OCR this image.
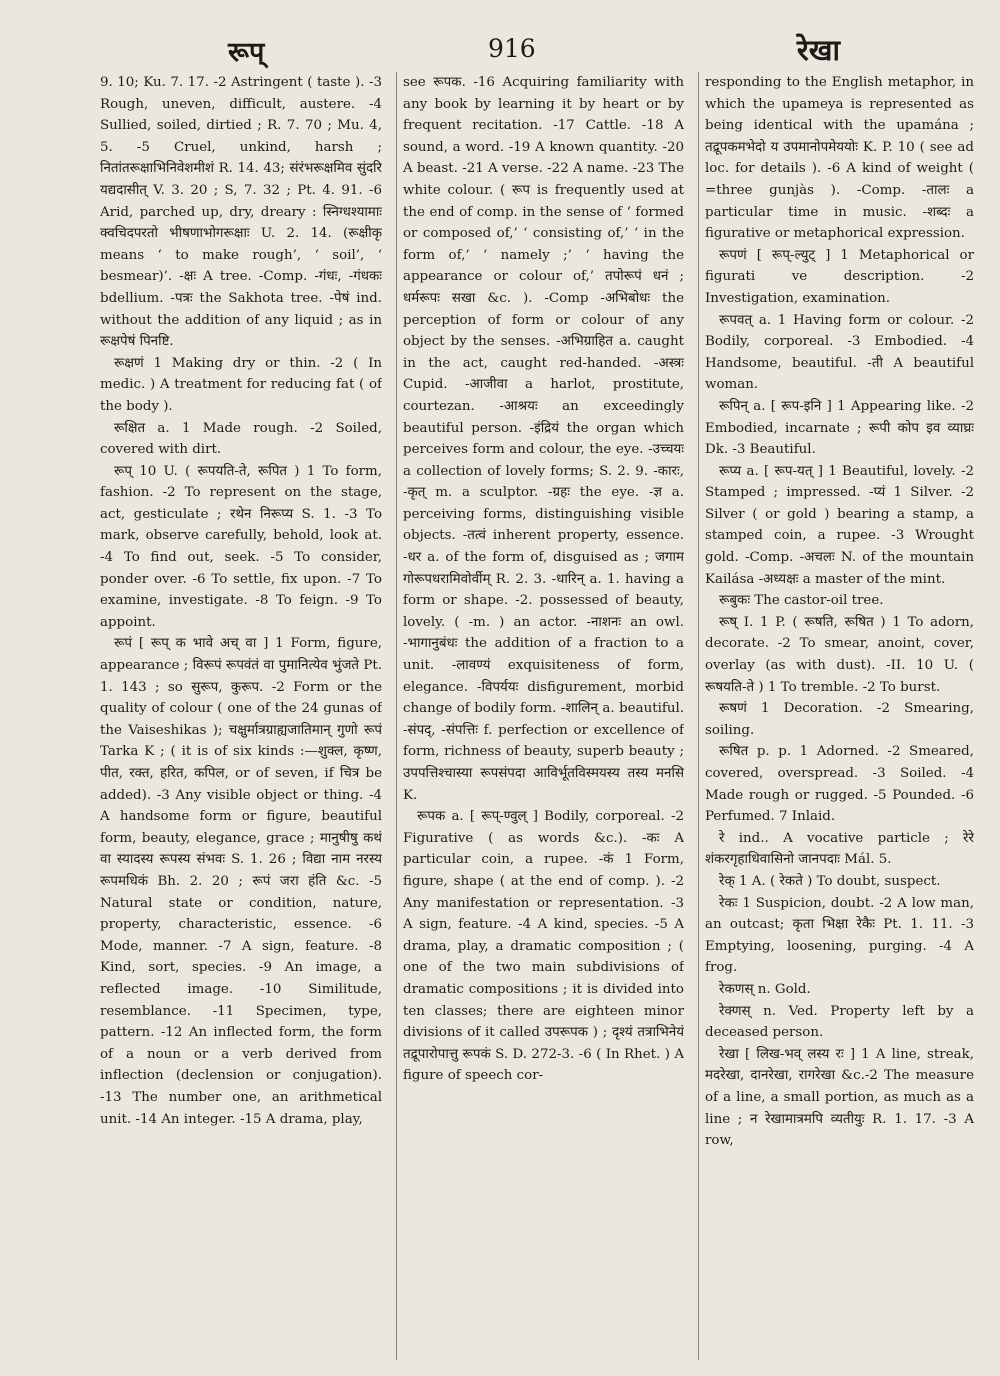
रूप्	916	रेखा

9. 10; Ku. 7. 17. -2 Astringent ( taste ). -3 Rough, uneven, difficult, austere. -4 Sullied, soiled, dirtied ; R. 7. 70 ; Mu. 4, 5. -5 Cruel, unkind, harsh ; नितांतरूक्षाभिनिवेशमीशं R. 14. 43; संरंभरूक्षमिव सुंदरि यद्यदासीत् V. 3. 20 ; S, 7. 32 ; Pt. 4. 91. -6 Arid, parched up, dry, dreary : स्निग्धश्यामाः क्वचिदपरतो भीषणाभोगरूक्षाः U. 2. 14. (रूक्षीकृ means ‘ to make rough’, ‘ soil’, ‘ besmear)’. -क्षः A tree. -Comp. -गंधः, -गंधकः bdellium. -पत्रः the Sakhota tree. -पेषं ind. without the addition of any liquid ; as in रूक्षपेषं पिनष्टि.

रूक्षणं 1 Making dry or thin. -2 ( In medic. ) A treatment for reducing fat ( of the body ).

रूक्षित a. 1 Made rough. -2 Soiled, covered with dirt.

रूप् 10 U. ( रूपयति-ते, रूपित ) 1 To form, fashion. -2 To represent on the stage, act, gesticulate ; रथेन निरूप्य S. 1. -3 To mark, observe carefully, behold, look at. -4 To find out, seek. -5 To consider, ponder over. -6 To settle, fix upon. -7 To examine, investigate. -8 To feign. -9 To appoint.

रूपं [ रूप् क भावे अच् वा ] 1 Form, figure, appearance ; विरूपं रूपवंतं वा पुमानित्येव भुंजते Pt. 1. 143 ; so सुरूप, कुरूप. -2 Form or the quality of colour ( one of the 24 gunas of the Vaiseshikas ); चक्षुर्मात्रग्राह्यजातिमान् गुणो रूपं Tarka K ; ( it is of six kinds :—शुक्ल, कृष्ण, पीत, रक्त, हरित, कपिल, or of seven, if चित्र be added). -3 Any visible object or thing. -4 A handsome form or figure, beautiful form, beauty, elegance, grace ; मानुषीषु कथं वा स्यादस्य रूपस्य संभवः S. 1. 26 ; विद्या नाम नरस्य रूपमधिकं Bh. 2. 20 ; रूपं जरा हंति &c. -5 Natural state or condition, nature, property, characteristic, essence. -6 Mode, manner. -7 A sign, feature. -8 Kind, sort, species. -9 An image, a reflected image. -10 Similitude, resemblance. -11 Specimen, type, pattern. -12 An inflected form, the form of a noun or a verb derived from inflection (declension or conjugation). -13 The number one, an arithmetical unit. -14 An integer. -15 A drama, play,

see रूपक. -16 Acquiring familiarity with any book by learning it by heart or by frequent recitation. -17 Cattle. -18 A sound, a word. -19 A known quantity. -20 A beast. -21 A verse. -22 A name. -23 The white colour. ( रूप is frequently used at the end of comp. in the sense of ‘ formed or composed of,’ ‘ consisting of,’ ‘ in the form of,’ ‘ namely ;’ ‘ having the appearance or colour of,’ तपोरूपं धनं ; धर्मरूपः सखा &c. ). -Comp -अभिबोधः the perception of form or colour of any object by the senses. -अभिग्राहित a. caught in the act, caught red-handed. -अस्त्रः Cupid. -आजीवा a harlot, prostitute, courtezan. -आश्रयः an exceedingly beautiful person. -इंद्रियं the organ which perceives form and colour, the eye. -उच्चयः a collection of lovely forms; S. 2. 9. -कारः, -कृत् m. a sculptor. -ग्रहः the eye. -ज्ञ a. perceiving forms, distinguishing visible objects. -तत्वं inherent property, essence. -धर a. of the form of, disguised as ; जगाम गोरूपधरामिवोर्वीम् R. 2. 3. -धारिन् a. 1. having a form or shape. -2. possessed of beauty, lovely. ( -m. ) an actor. -नाशनः an owl. -भागानुबंधः the addition of a fraction to a unit. -लावण्यं exquisiteness of form, elegance. -विपर्ययः disfigurement, morbid change of bodily form. -शालिन् a. beautiful. -संपद्, -संपत्तिः f. perfection or excellence of form, richness of beauty, superb beauty ; उपपत्तिश्चास्या रूपसंपदा आविर्भूतविस्मयस्य तस्य मनसि K.

रूपक a. [ रूप्-ण्वुल् ] Bodily, corporeal. -2 Figurative ( as words &c.). -कः A particular coin, a rupee. -कं 1 Form, figure, shape ( at the end of comp. ). -2 Any manifestation or representation. -3 A sign, feature. -4 A kind, species. -5 A drama, play, a dramatic composition ; ( one of the two main subdivisions of dramatic compositions ; it is divided into ten classes; there are eighteen minor divisions of it called उपरूपक ) ; दृश्यं तत्राभिनेयं तद्रूपारोपात्तु रूपकं S. D. 272-3. -6 ( In Rhet. ) A figure of speech cor-

responding to the English metaphor, in which the upameya is represented as being identical with the upamána ; तद्रूपकमभेदो य उपमानोपमेययोः K. P. 10 ( see ad loc. for details ). -6 A kind of weight ( =three gunjàs ). -Comp. -तालः a particular time in music. -शब्दः a figurative or metaphorical expression.

रूपणं [ रूप्-ल्युट् ] 1 Metaphorical or figurati ve description. -2 Investigation, examination.

रूपवत् a. 1 Having form or colour. -2 Bodily, corporeal. -3 Embodied. -4 Handsome, beautiful. -ती A beautiful woman.

रूपिन् a. [ रूप-इनि ] 1 Appearing like. -2 Embodied, incarnate ; रूपी कोप इव व्याघ्रः Dk. -3 Beautiful.

रूप्य a. [ रूप-यत् ] 1 Beautiful, lovely. -2 Stamped ; impressed. -प्यं 1 Silver. -2 Silver ( or gold ) bearing a stamp, a stamped coin, a rupee. -3 Wrought gold. -Comp. -अचलः N. of the mountain Kailása -अध्यक्षः a master of the mint.

रूबुकः The castor-oil tree.

रूष् I. 1 P. ( रूषति, रूषित ) 1 To adorn, decorate. -2 To smear, anoint, cover, overlay (as with dust). -II. 10 U. ( रूषयति-ते ) 1 To tremble. -2 To burst.

रूषणं 1 Decoration. -2 Smearing, soiling.

रूषित p. p. 1 Adorned. -2 Smeared, covered, overspread. -3 Soiled. -4 Made rough or rugged. -5 Pounded. -6 Perfumed. 7 Inlaid.

रे ind.. A vocative particle ; रेरे शंकरगृहाधिवासिनो जानपदाः Mál. 5.

रेक् 1 A. ( रेकते ) To doubt, suspect.

रेकः 1 Suspicion, doubt. -2 A low man, an outcast; कृता भिक्षा रेकैः Pt. 1. 11. -3 Emptying, loosening, purging. -4 A frog.

रेकणस् n. Gold.

रेक्णस् n. Ved. Property left by a deceased person.

रेखा [ लिख-भव् लस्य रः ] 1 A line, streak, मदरेखा, दानरेखा, रागरेखा &c.-2 The measure of a line, a small portion, as much as a line ; न रेखामात्रमपि व्यतीयुः R. 1. 17. -3 A row,
